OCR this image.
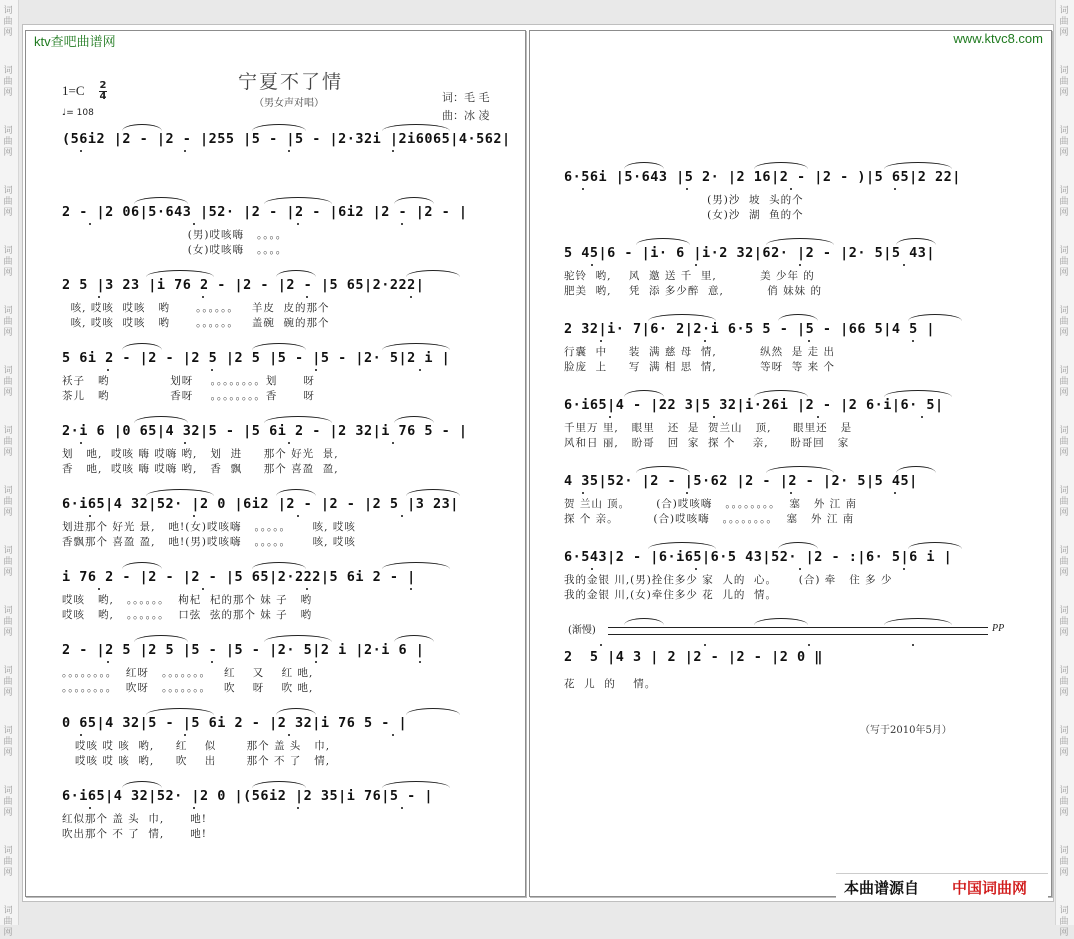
词
曲
网
词
曲
网
词
曲
网
词
曲
网
词
曲
网
词
曲
网
词
曲
网
词
曲
网
词
曲
网
词
曲
网
词
曲
网
词
曲
网
词
曲
网
词
曲
网
词
曲
网
词
曲
网
词
曲
网
词
曲
网
词
曲
网
词
曲
网
词
曲
网
词
曲
网
词
曲
网
词
曲
网
词
曲
网
词
曲
网
词
曲
网
词
曲
网
词
曲
网
词
曲
网
词
曲
网
词
曲
网
ktv查吧曲谱网
宁夏不了情
（男女声对唱）
1=C 2
4
♩= 108
词：毛 毛
曲：冰 凌
(56i2 |2 - |2 - |255 |5 - |5 - |2·32i |2i6065|4·562|
2 - |2 06|5·643 |52· |2 - |2 - |6i2 |2 - |2 - |
(男)哎咳嗨   。。。。
(女)哎咳嗨   。。。。
2 5 |3 23 |i 76 2 - |2 - |2 - |5 65|2·222|
咳, 哎咳  哎咳   哟      。。。。。。   羊皮  皮的那个
咳, 哎咳  哎咳   哟      。。。。。。   盖碗  碗的那个
5 6i 2 - |2 - |2 5 |2 5 |5 - |5 - |2· 5|2 i |
袄子   哟              划呀    。。。。。。。。划      呀
茶儿   哟              香呀    。。。。。。。。香      呀
2·i 6 |0 65|4 32|5 - |5 6i 2 - |2 32|i 76 5 - |
划   吔,  哎咳 嗨 哎嗨 哟,   划  进     那个 好光  景,
香   吔,  哎咳 嗨 哎嗨 哟,   香  飘     那个 喜盈  盈,
6·i65|4 32|52· |2 0 |6i2 |2 - |2 - |2 5 |3 23|
划进那个 好光 景,   吔!(女)哎咳嗨   。。。。。     咳, 哎咳
香飘那个 喜盈 盈,   吔!(男)哎咳嗨   。。。。。     咳, 哎咳
i 76 2 - |2 - |2 - |5 65|2·222|5 6i 2 - |
哎咳   哟,   。。。。。。  枸杞  杞的那个 妹 子   哟
哎咳   哟,   。。。。。。  口弦  弦的那个 妹 子   哟
2 - |2 5 |2 5 |5 - |5 - |2· 5|2 i |2·i 6 |
。。。。。。。。  红呀   。。。。。。。   红    又    红 吔,
。。。。。。。。  吹呀   。。。。。。。   吹    呀    吹 吔,
0 65|4 32|5 - |5 6i 2 - |2 32|i 76 5 - |
哎咳 哎 咳  哟,     红    似       那个 盖 头   巾,
哎咳 哎 咳  哟,     吹    出       那个 不 了   情,
6·i65|4 32|52· |2 0 |(56i2 |2 35|i 76|5 - |
红似那个 盖 头  巾,      吔!
吹出那个 不 了  情,      吔!
www.ktvc8.com
6·56i |5·643 |5 2· |2 16|2 - |2 - )|5 65|2 22|
(男)沙  坡  头的个
(女)沙  湖  鱼的个
5 45|6 - |i· 6 |i·2 32|62· |2 - |2· 5|5 43|
驼铃  哟,    风  邀 送 千  里,          美 少年 的
肥美  哟,    凭  添 多少醉  意,          俏 妹妹 的
2 32|i· 7|6· 2|2·i 6·5 5 - |5 - |66 5|4 5 |
行囊  中     装  满 慈 母  情,          纵然  是 走 出
脸庞  上     写  满 相 思  情,          等呀  等 来 个
6·i65|4 - |22 3|5 32|i·26i |2 - |2 6·i|6· 5|
千里万 里,   眼里   还  是  贺兰山   顶,     眼里还   是
风和日 丽,   盼哥   回  家  探 个    亲,     盼哥回   家
4 35|52· |2 - |5·62 |2 - |2 - |2· 5|5 45|
贺 兰山 顶。      (合)哎咳嗨   。。。。。。。。  塞   外 江 南
探 个 亲。        (合)哎咳嗨   。。。。。。。。  塞   外 江 南
6·543|2 - |6·i65|6·5 43|52· |2 - :|6· 5|6 i |
我的金银 川,(男)拴住多少 家  人的  心。     (合) 牵   住 多 少
我的金银 川,(女)牵住多少 花  儿的  情。
2  5 |4 3 | 2 |2 - |2 - |2 0 ‖
花  儿  的    情。
(渐慢)	PP
（写于2010年5月）
本曲谱源自 中国词曲网
